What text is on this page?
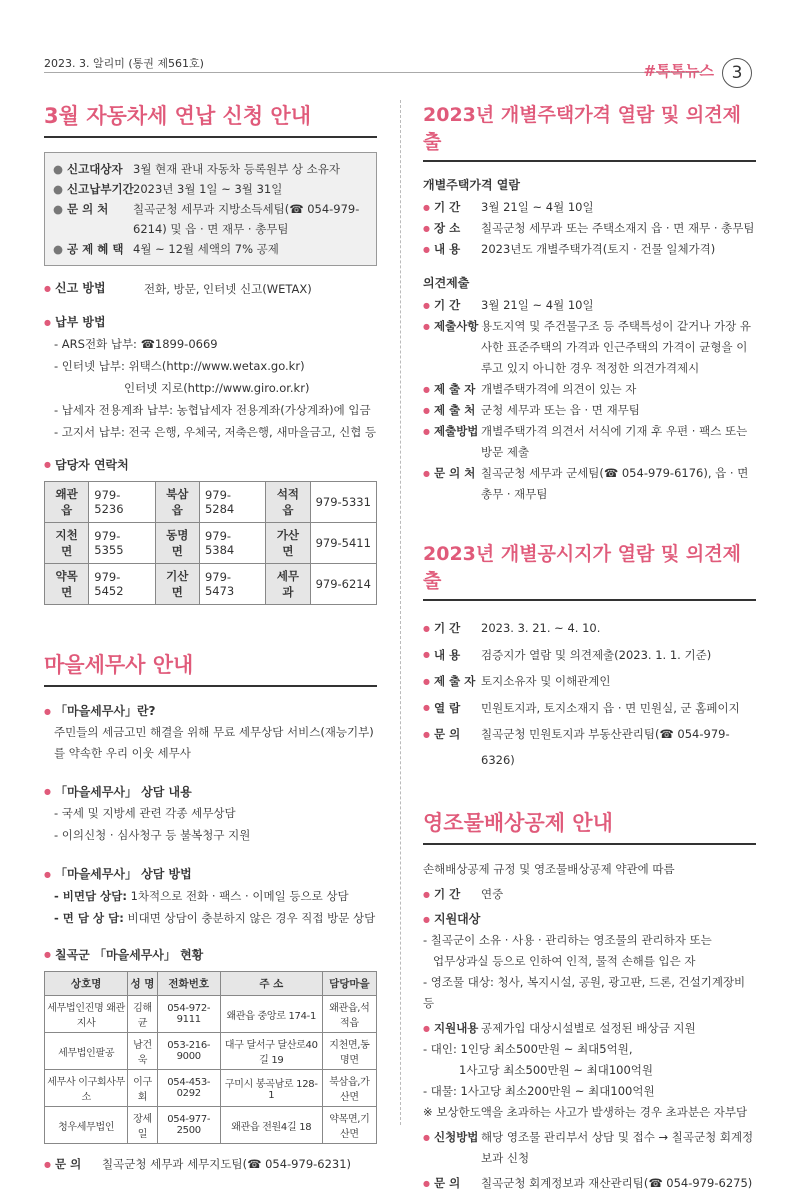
2023. 3. 알리미 (통권 제561호)	#톡톡뉴스	3
3월 자동차세 연납 신청 안내
● 신고대상자 3월 현재 관내 자동차 등록원부 상 소유자
● 신고납부기간 2023년 3월 1일 ~ 3월 31일
● 문 의 처	칠곡군청 세무과 지방소득세팀(☎ 054-979-6214) 및 읍 · 면 재무 · 총무팀
● 공 제 혜 택 4월 ~ 12월 세액의 7% 공제
● 신고 방법	전화, 방문, 인터넷 신고(WETAX)
● 납부 방법
- ARS전화 납부: ☎1899-0669
- 인터넷 납부: 위택스(http://www.wetax.go.kr)
인터넷 지로(http://www.giro.or.kr)
- 납세자 전용계좌 납부: 농협납세자 전용계좌(가상계좌)에 입금
- 고지서 납부: 전국 은행, 우체국, 저축은행, 새마을금고, 신협 등
● 담당자 연락처
왜관읍	979-5236	북삼읍	979-5284	석적읍	979-5331
지천면	979-5355	동명면	979-5384	가산면	979-5411
약목면	979-5452	기산면	979-5473	세무과	979-6214
마을세무사 안내
● 「마을세무사」란?
주민들의 세금고민 해결을 위해 무료 세무상담 서비스(재능기부)를 약속한 우리 이웃 세무사
● 「마을세무사」 상담 내용
- 국세 및 지방세 관련 각종 세무상담
- 이의신청 · 심사청구 등 불복청구 지원
● 「마을세무사」 상담 방법
- 비면담 상담: 1차적으로 전화 · 팩스 · 이메일 등으로 상담
- 면 담 상 담: 비대면 상담이 충분하지 않은 경우 직접 방문 상담
● 칠곡군 「마을세무사」 현황
상호명	성 명	전화번호	주 소	담당마을
세무법인진명 왜관지사	김해균	054-972-9111	왜관읍 중앙로 174-1	왜관읍,석적읍
세무법인팔공	남건욱	053-216-9000	대구 달서구 달산로40길 19	지천면,동명면
세무사 이구회사무소	이구회	054-453-0292	구미시 봉곡남로 128-1	북삼읍,가산면
청우세무법인	장세일	054-977-2500	왜관읍 전원4길 18	약목면,기산면
● 문 의	칠곡군청 세무과 세무지도팀(☎ 054-979-6231)
2023년 개별주택가격 열람 및 의견제출
개별주택가격 열람
● 기 간	3월 21일 ~ 4월 10일
● 장 소	칠곡군청 세무과 또는 주택소재지 읍 · 면 재무 · 총무팀
● 내 용	2023년도 개별주택가격(토지 · 건물 일체가격)
의견제출
● 기 간	3월 21일 ~ 4월 10일
● 제출사항 용도지역 및 주건물구조 등 주택특성이 같거나 가장 유사한 표준주택의 가격과 인근주택의 가격이 균형을 이루고 있지 아니한 경우 적정한 의견가격제시
● 제 출 자 개별주택가격에 의견이 있는 자
● 제 출 처 군청 세무과 또는 읍 · 면 재무팀
● 제출방법 개별주택가격 의견서 서식에 기재 후 우편 · 팩스 또는 방문 제출
● 문 의 처 칠곡군청 세무과 군세팀(☎ 054-979-6176), 읍 · 면 총무 · 재무팀
2023년 개별공시지가 열람 및 의견제출
● 기 간	2023. 3. 21. ~ 4. 10.
● 내 용	검증지가 열람 및 의견제출(2023. 1. 1. 기준)
● 제 출 자 토지소유자 및 이해관계인
● 열 람	민원토지과, 토지소재지 읍 · 면 민원실, 군 홈페이지
● 문 의	칠곡군청 민원토지과 부동산관리팀(☎ 054-979-6326)
영조물배상공제 안내
손해배상공제 규정 및 영조물배상공제 약관에 따름
● 기 간	연중
● 지원대상
- 칠곡군이 소유 · 사용 · 관리하는 영조물의 관리하자 또는
업무상과실 등으로 인하여 인적, 물적 손해를 입은 자
- 영조물 대상: 청사, 복지시설, 공원, 광고판, 드론, 건설기계장비 등
● 지원내용 공제가입 대상시설별로 설정된 배상금 지원
- 대인: 1인당 최소500만원 ~ 최대5억원,
1사고당 최소500만원 ~ 최대100억원
- 대물: 1사고당 최소200만원 ~ 최대100억원
※ 보상한도액을 초과하는 사고가 발생하는 경우 초과분은 자부담
● 신청방법 해당 영조물 관리부서 상담 및 접수 → 칠곡군청 회계정보과 신청
● 문 의	칠곡군청 회계정보과 재산관리팀(☎ 054-979-6275)
